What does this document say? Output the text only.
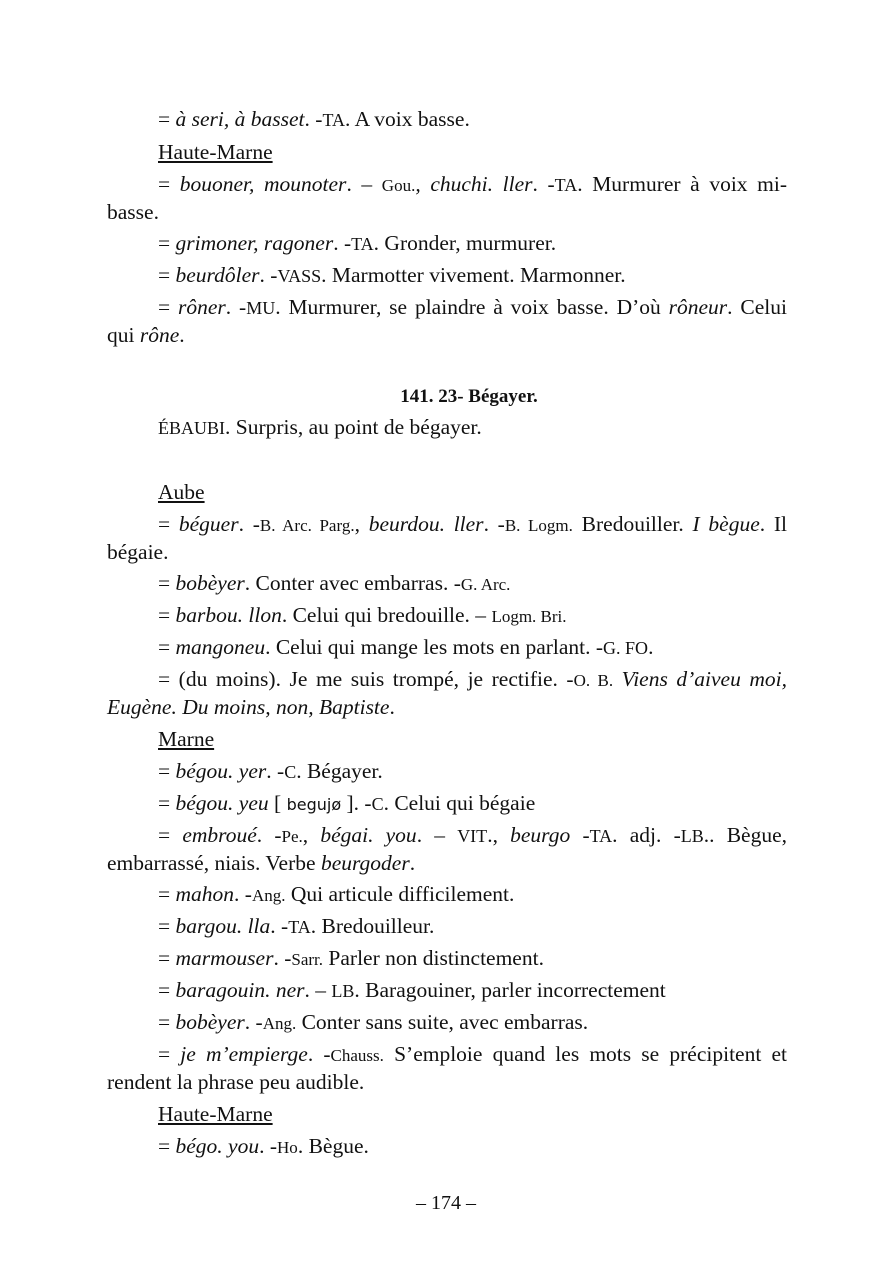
= à seri, à basset. -TA. A voix basse.
Haute-Marne
= bouoner, mounoter. – Gou., chuchi. ller. -TA. Murmurer à voix mi-basse.
= grimoner, ragoner. -TA. Gronder, murmurer.
= beurdôler. -VASS. Marmotter vivement. Marmonner.
= rôner. -MU. Murmurer, se plaindre à voix basse. D’où rôneur. Celui qui rône.
141. 23- Bégayer.
ÉBAUBI. Surpris, au point de bégayer.
Aube
= béguer. -B. Arc. Parg., beurdou. ller. -B. Logm. Bredouiller. I bègue. Il bégaie.
= bobèyer. Conter avec embarras. -G. Arc.
= barbou. llon. Celui qui bredouille. – Logm. Bri.
= mangoneu. Celui qui mange les mots en parlant. -G. FO.
= (du moins). Je me suis trompé, je rectifie. -O. B. Viens d’aiveu moi, Eugène. Du moins, non, Baptiste.
Marne
= bégou. yer. -C. Bégayer.
= bégou. yeu [ begujø ]. -C. Celui qui bégaie
= embroué. -Pe., bégai. you. – VIT., beurgo -TA. adj. -LB.. Bègue, embarrassé, niais. Verbe beurgoder.
= mahon. -Ang. Qui articule difficilement.
= bargou. lla. -TA. Bredouilleur.
= marmouser. -Sarr. Parler non distinctement.
= baragouin. ner. – LB. Baragouiner, parler incorrectement
= bobèyer. -Ang. Conter sans suite, avec embarras.
= je m’empierge. -Chauss. S’emploie quand les mots se précipitent et rendent la phrase peu audible.
Haute-Marne
= bégo. you. -Ho. Bègue.
– 174 –
